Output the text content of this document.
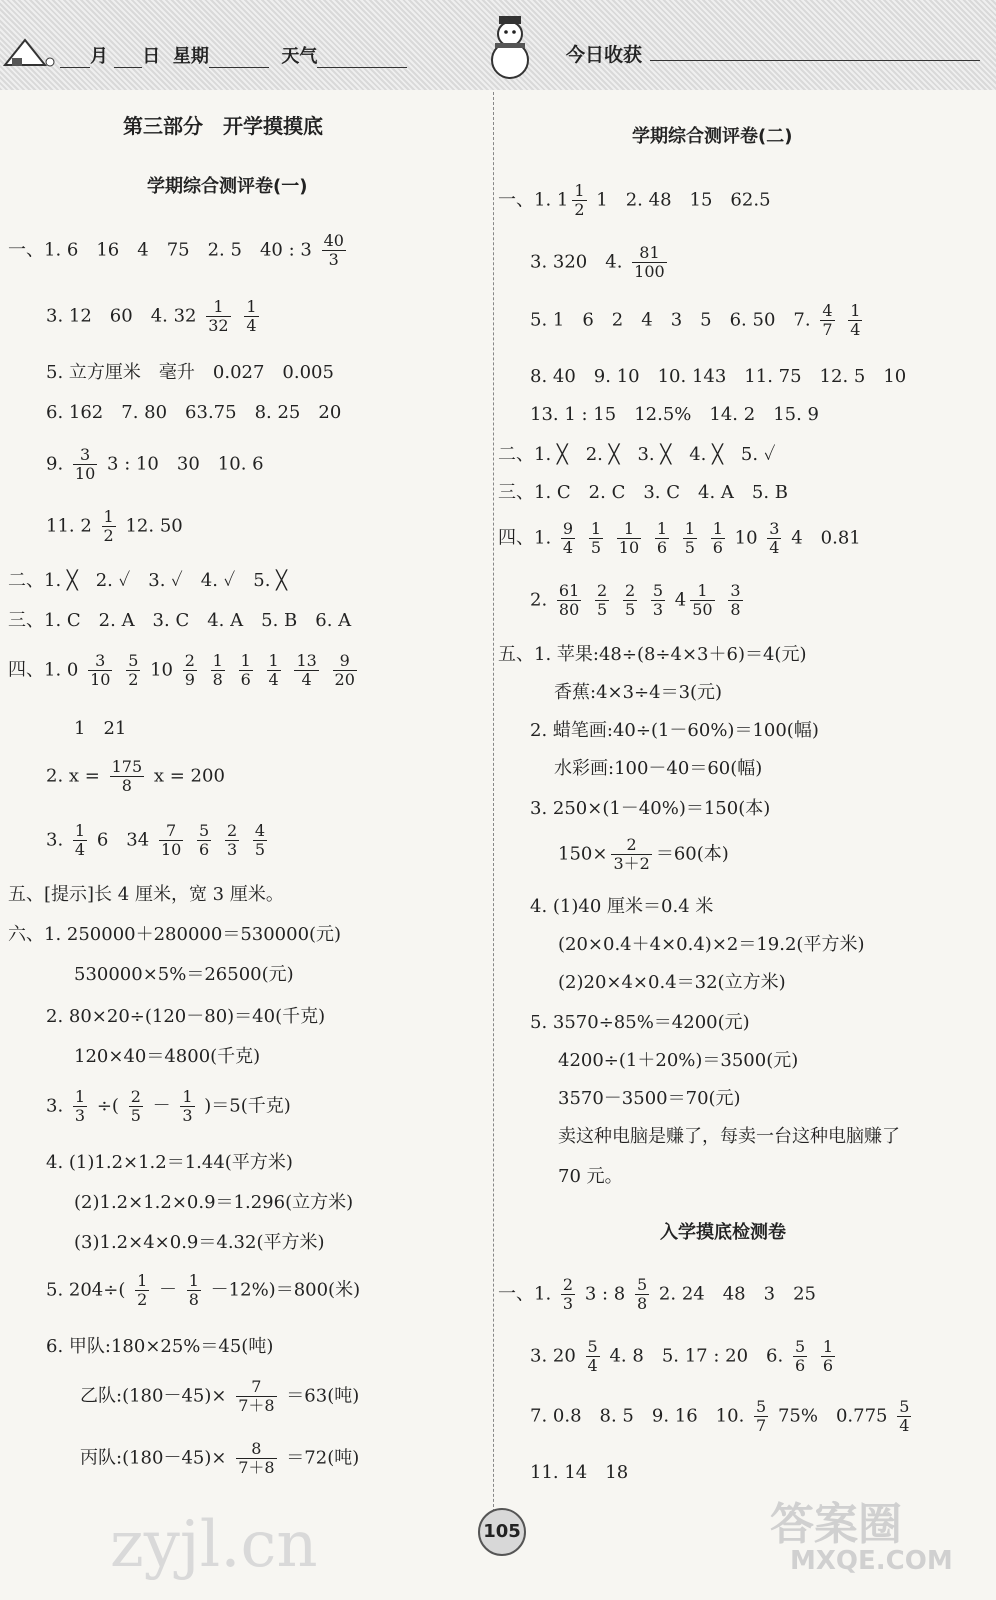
月 日 星期	天气	今日收获
第三部分　开学摸摸底
学期综合测评卷(一)
一、1. 6　16　4　75　2. 5　40 : $3 \frac{40}{3}$
3. 12　60　4. $32 \frac{1}{32}$
$\frac{1}{4}$
5. 立方厘米　毫升　0.027　0.005
6. 162　7. 80　63.75　8. 25　20
9. $\frac{3}{10} 3$ : 10　30　10. 6
11. $2 \frac{1}{2} 12$. 50
二、1. ╳　2. ✓　3. ✓　4. ✓　5. ╳
三、1. C　2. A　3. C　4. A　5. B　6. A
四、1. $0 \frac{3}{10}$
$\frac{5}{2} 10 \frac{2}{9}$
$\frac{1}{8}$
$\frac{1}{6}$
$\frac{1}{4}$
$\frac{13}{4}$
$\frac{9}{20}$
1　21
2. $x = \frac{175}{8}$ x = 200
3. $\frac{1}{4} 6$　$34 \frac{7}{10}$
$\frac{5}{6}$
$\frac{2}{3}$
$\frac{4}{5}$
五、[提示]长 4 厘米，宽 3 厘米。
六、1. 250000＋280000＝530000(元)
530000×5%＝26500(元)
2. 80×20÷(120－80)＝40(千克)
120×40＝4800(千克)
3. $\frac{1}{3}$ ÷( $\frac{2}{5} - \frac{1}{3} )=5$(千克)
4. (1)1.2×1.2＝1.44(平方米)
(2)1.2×1.2×0.9＝1.296(立方米)
(3)1.2×4×0.9＝4.32(平方米)
5. $204\div( \frac{1}{2} - \frac{1}{8} -12\%)=800$(米)
6. 甲队:180×25%＝45(吨)
乙队:(180－45)× $\frac{7}{7+8} =63$(吨)
丙队:(180－45)× $\frac{8}{7+8} =72$(吨)
学期综合测评卷(二)
一、1. $1 \frac{1}{2} 1$　2. 48　15　62.5
3. 320　4. $\frac{81}{100}$
5. 1　6　2　4　3　5　6. 50　7. $\frac{4}{7}$
$\frac{1}{4}$
8. 40　9. 10　10. 143　11. 75　12. 5　10
13. 1 : 15　12.5%　14. 2　15. 9
二、1. ╳　2. ╳　3. ╳　4. ╳　5. ✓
三、1. C　2. C　3. C　4. A　5. B
四、1. $\frac{9}{4}$
$\frac{1}{5}$
$\frac{1}{10}$
$\frac{1}{6}$
$\frac{1}{5}$
$\frac{1}{6} 10 \frac{3}{4} 4$　0.81
2. $\frac{61}{80}$
$\frac{2}{5}$
$\frac{2}{5}$
$\frac{5}{3} 4 \frac{1}{50}$
$\frac{3}{8}$
五、1. 苹果:48÷(8÷4×3＋6)＝4(元)
香蕉:4×3÷4＝3(元)
2. 蜡笔画:40÷(1－60%)＝100(幅)
水彩画:100－40＝60(幅)
3. 250×(1－40%)＝150(本)
$150\times \frac{2}{3+2} =60$(本)
4. (1)40 厘米＝0.4 米
(20×0.4＋4×0.4)×2＝19.2(平方米)
(2)20×4×0.4＝32(立方米)
5. 3570÷85%＝4200(元)
4200÷(1＋20%)＝3500(元)
3570－3500＝70(元)
卖这种电脑是赚了，每卖一台这种电脑赚了
70 元。
入学摸底检测卷
一、1. $\frac{2}{3} 3$ : $8 \frac{5}{8} 2$. 24　48　3　25
3. $20 \frac{5}{4} 4$. 8　5. 17 : 20　6. $\frac{5}{6}$
$\frac{1}{6}$
7. 0.8　8. 5　9. 16　10. $\frac{5}{7} 75\%$　$0.775 \frac{5}{4}$
11. 14　18
105
zyjl.cn	答案圈
MXQE.COM
